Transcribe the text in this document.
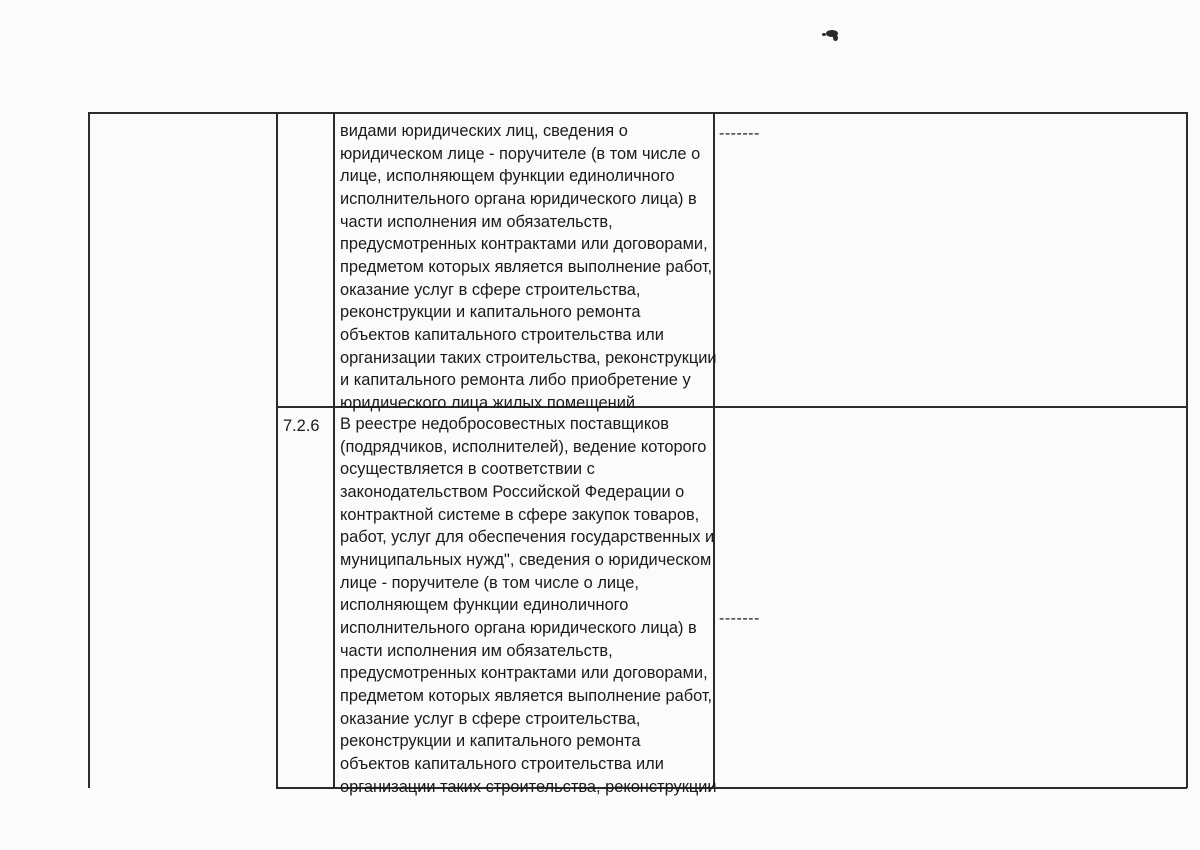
видами юридических лиц, сведения о
юридическом лице - поручителе (в том числе о
лице, исполняющем функции единоличного
исполнительного органа юридического лица) в
части исполнения им обязательств,
предусмотренных контрактами или договорами,
предметом которых является выполнение работ,
оказание услуг в сфере строительства,
реконструкции и капитального ремонта
объектов капитального строительства или
организации таких строительства, реконструкции
и капитального ремонта либо приобретение у
юридического лица жилых помещений
-------
7.2.6 В реестре недобросовестных поставщиков
(подрядчиков, исполнителей), ведение которого
осуществляется в соответствии с
законодательством Российской Федерации о
контрактной системе в сфере закупок товаров,
работ, услуг для обеспечения государственных и
муниципальных нужд", сведения о юридическом
лице - поручителе (в том числе о лице,
исполняющем функции единоличного
исполнительного органа юридического лица) в
части исполнения им обязательств,
предусмотренных контрактами или договорами,
предметом которых является выполнение работ,
оказание услуг в сфере строительства,
реконструкции и капитального ремонта
объектов капитального строительства или
организации таких строительства, реконструкции
-------
